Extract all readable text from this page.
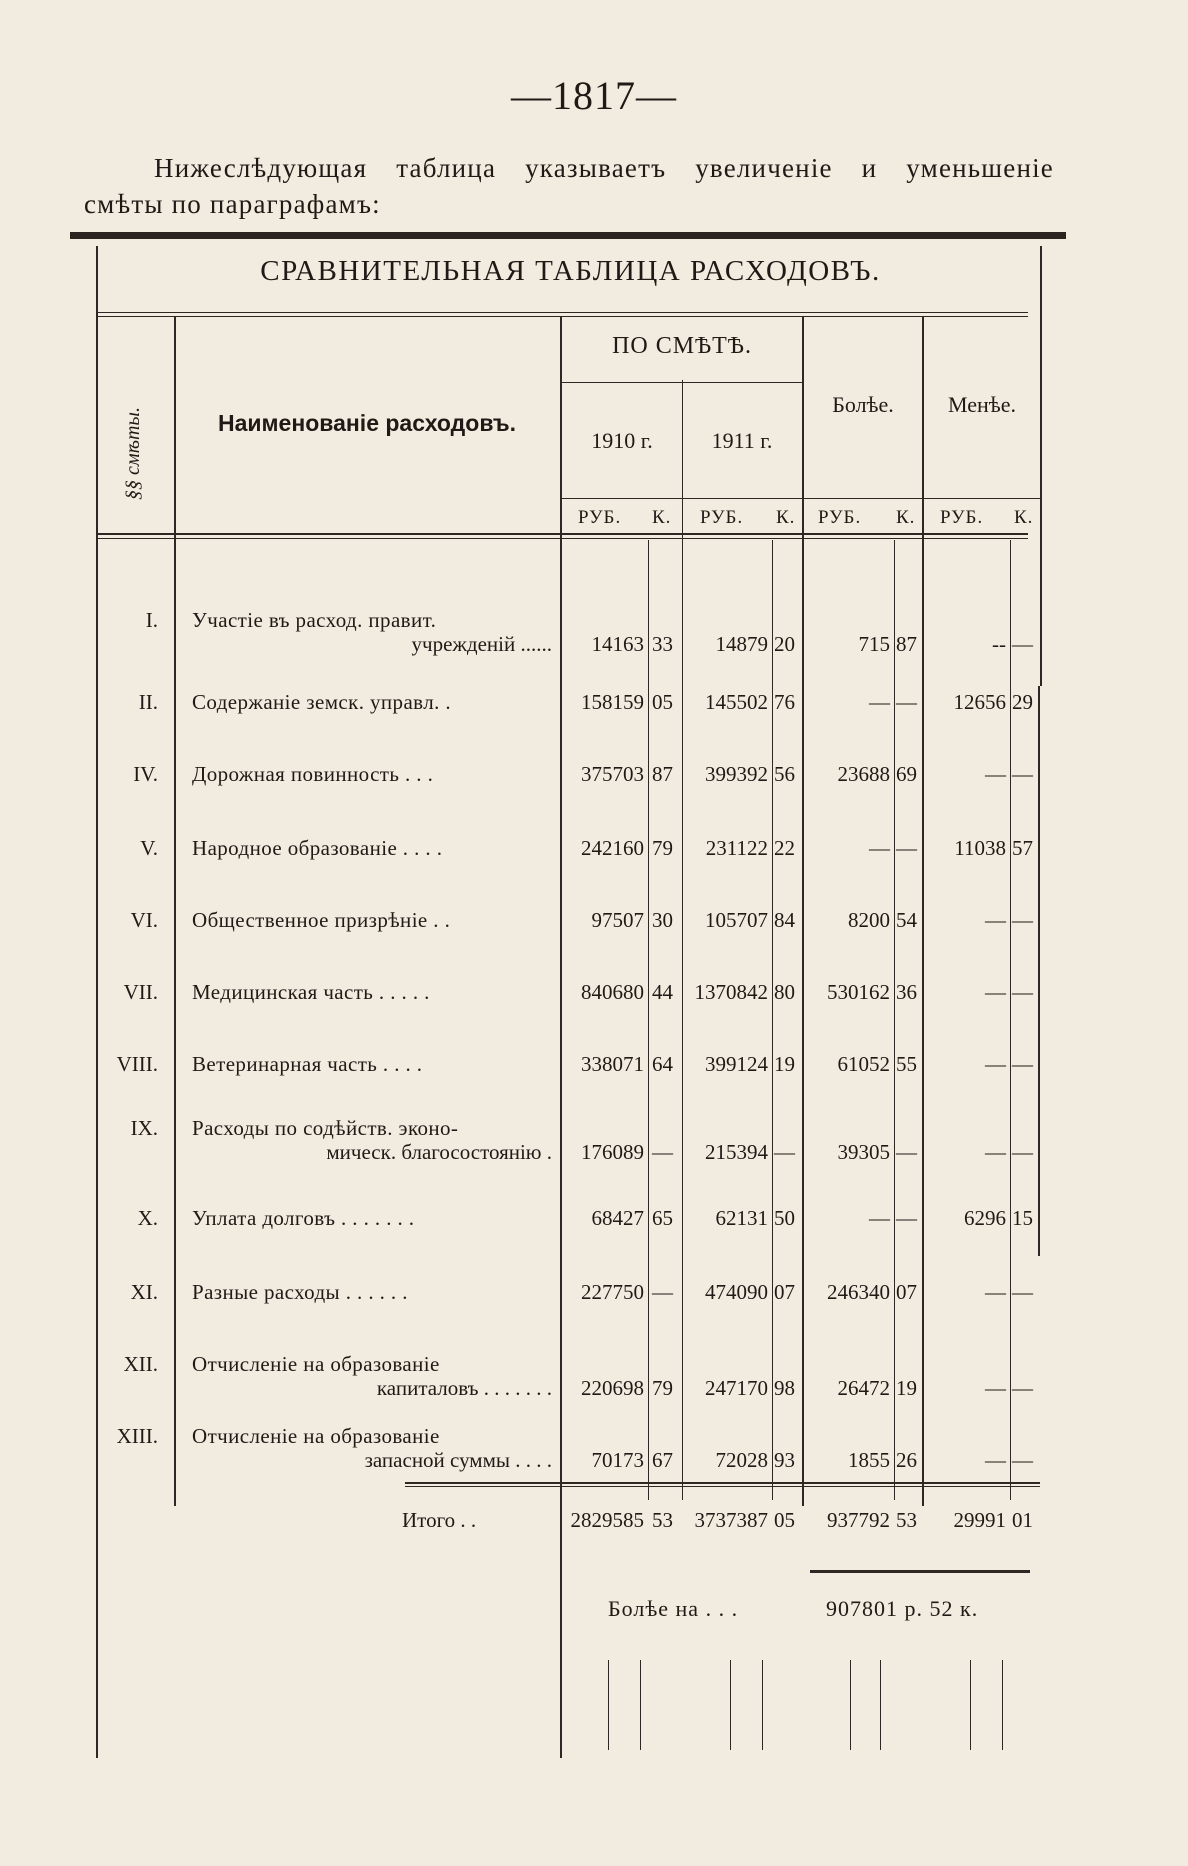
—1817—
Нижеслѣдующая таблица указываетъ увеличеніе и уменьшеніе
смѣты по параграфамъ:
СРАВНИТЕЛЬНАЯ ТАБЛИЦА РАСХОДОВЪ.
§§ смѣты.	Наименованіе расходовъ.
ПО СМѢТѢ.
1910 г.	1911 г.
Болѣе.	Менѣе.
РУБ. К. РУБ. К. РУБ. К. РУБ. К.
I. Участіе въ расход. правит.
учрежденій ......	14163 33	14879 20	715 87	-- —
II. Содержаніе земск. управл. .	158159 05	145502 76	— —	12656 29
IV. Дорожная повинность . . .	375703 87	399392 56	23688 69	— —
V. Народное образованіе . . . .	242160 79	231122 22	— —	11038 57
VI. Общественное призрѣніе . .	97507 30	105707 84	8200 54	— —
VII. Медицинская часть . . . . .	840680 44	1370842 80	530162 36	— —
VIII. Ветеринарная часть . . . .	338071 64	399124 19	61052 55	— —
IX. Расходы по содѣйств. эконо-
мическ. благосостоянію .	176089 —	215394 —	39305 —	— —
X. Уплата долговъ . . . . . . .	68427 65	62131 50	— —	6296 15
XI. Разные расходы . . . . . .	227750 —	474090 07	246340 07	— —
XII. Отчисленіе на образованіе
капиталовъ . . . . . . .	220698 79	247170 98	26472 19	— —
XIII. Отчисленіе на образованіе
запасной суммы . . . .	70173 67	72028 93	1855 26	— —
Итого . .	2829585 53	3737387 05	937792 53	29991 01
Болѣе на . . .	907801 р. 52 к.
